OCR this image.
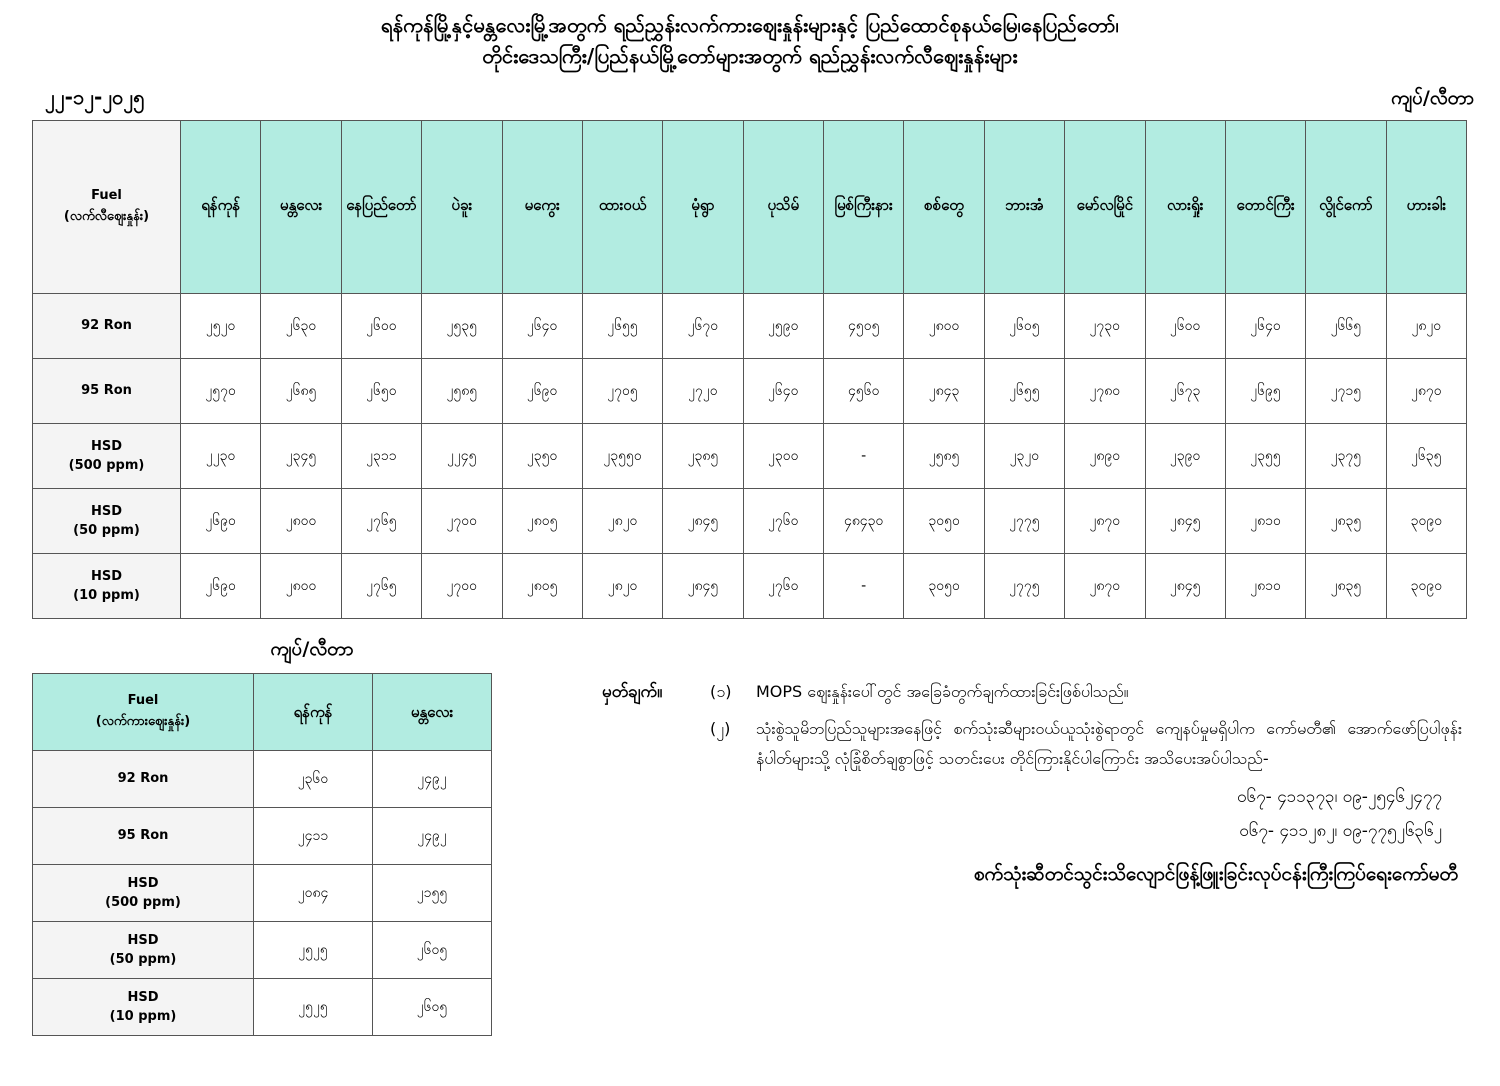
ရန်ကုန်မြို့နှင့်မန္တလေးမြို့အတွက် ရည်ညွှန်းလက်ကားဈေးနှုန်းများနှင့် ပြည်ထောင်စုနယ်မြေ၊နေပြည်တော်၊
တိုင်းဒေသကြီး/ပြည်နယ်မြို့တော်များအတွက် ရည်ညွှန်းလက်လီဈေးနှုန်းများ
၂၂-၁၂-၂၀၂၅	ကျပ်/လီတာ
Fuel
(လက်လီဈေးနှုန်း)	ရန်ကုန်	မန္တလေး	နေပြည်တော်	ပဲခူး	မကွေး	ထားဝယ်	မုံရွာ	ပုသိမ်	မြစ်ကြီးနား	စစ်တွေ	ဘားအံ	မော်လမြိုင်	လားရှိုး	တောင်ကြီး	လွိုင်ကော်	ဟားခါး

92 Ron	၂၅၂၀	၂၆၃၀	၂၆၀၀	၂၅၃၅	၂၆၄၀	၂၆၅၅	၂၆၇၀	၂၅၉၀	၄၅၀၅	၂၈၀၀	၂၆၀၅	၂၇၃၀	၂၆၀၀	၂၆၄၀	၂၆၆၅	၂၈၂၀

95 Ron	၂၅၇၀	၂၆၈၅	၂၆၅၀	၂၅၈၅	၂၆၉၀	၂၇၀၅	၂၇၂၀	၂၆၄၀	၄၅၆၀	၂၈၄၃	၂၆၅၅	၂၇၈၀	၂၆၇၃	၂၆၉၅	၂၇၁၅	၂၈၇၀

HSD
(500 ppm)	၂၂၃၀	၂၃၄၅	၂၃၁၁	၂၂၄၅	၂၃၅၀	၂၃၅၅၀	၂၃၈၅	၂၃၀၀	-	၂၅၈၅	၂၃၂၀	၂၈၉၀	၂၃၉၀	၂၃၅၅	၂၃၇၅	၂၆၃၅

HSD
(50 ppm)	၂၆၉၀	၂၈၀၀	၂၇၆၅	၂၇၀၀	၂၈၀၅	၂၈၂၀	၂၈၄၅	၂၇၆၀	၄၈၄၃၀	၃၀၅၀	၂၇၇၅	၂၈၇၀	၂၈၄၅	၂၈၁၀	၂၈၃၅	၃၀၉၀

HSD
(10 ppm)	၂၆၉၀	၂၈၀၀	၂၇၆၅	၂၇၀၀	၂၈၀၅	၂၈၂၀	၂၈၄၅	၂၇၆၀	-	၃၀၅၀	၂၇၇၅	၂၈၇၀	၂၈၄၅	၂၈၁၀	၂၈၃၅	၃၀၉၀
ကျပ်/လီတာ
Fuel
(လက်ကားဈေးနှုန်း)	ရန်ကုန်	မန္တလေး

92 Ron	၂၃၆၀	၂၄၉၂

95 Ron	၂၄၁၁	၂၄၉၂

HSD
(500 ppm)	၂၀၈၄	၂၁၅၅

HSD
(50 ppm)	၂၅၂၅	၂၆၀၅

HSD
(10 ppm)	၂၅၂၅	၂၆၀၅
မှတ်ချက်။	(၁)	MOPS ဈေးနှုန်းပေါ်တွင် အခြေခံတွက်ချက်ထားခြင်းဖြစ်ပါသည်။
(၂)	သုံးစွဲသူမိဘပြည်သူများအနေဖြင့် စက်သုံးဆီများဝယ်ယူသုံးစွဲရာတွင် ကျေနပ်မှုမရှိပါက ကော်မတီ၏ အောက်ဖော်ပြပါဖုန်းနံပါတ်များသို့ လုံခြုံစိတ်ချစွာဖြင့် သတင်းပေး တိုင်ကြားနိုင်ပါကြောင်း အသိပေးအပ်ပါသည်-
၀၆၇- ၄၁၁၃၇၃၊ ၀၉-၂၅၄၆၂၄၇၇
၀၆၇- ၄၁၁၂၈၂၊ ၀၉-၇၇၅၂၆၃၆၂
စက်သုံးဆီတင်သွင်းသိလျောင်ဖြန့်ဖြူးခြင်းလုပ်ငန်းကြီးကြပ်ရေးကော်မတီ
